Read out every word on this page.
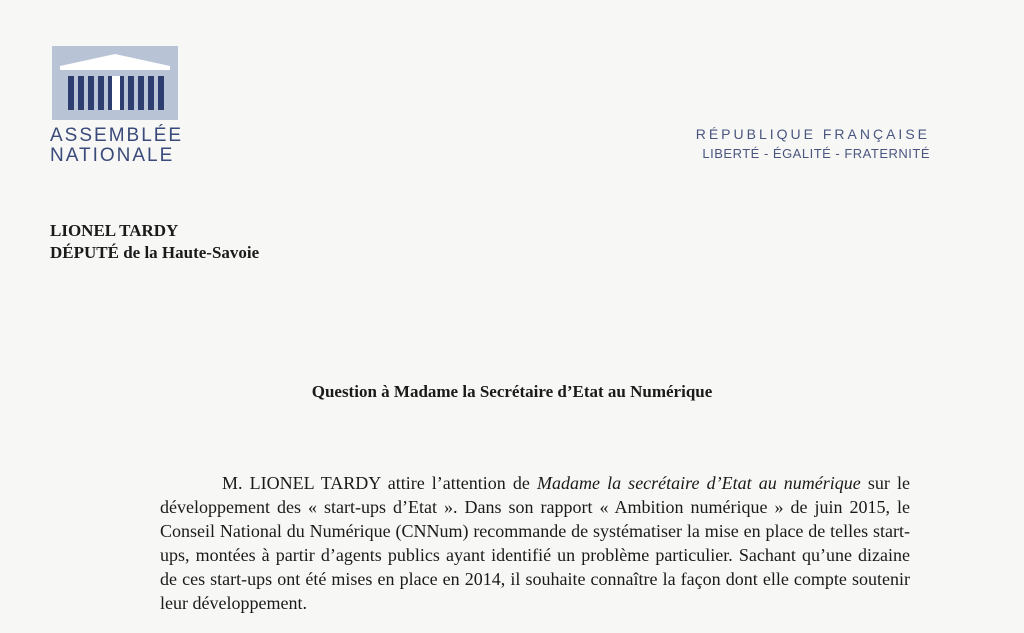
ASSEMBLÉE
NATIONALE
RÉPUBLIQUE FRANÇAISE
LIBERTÉ - ÉGALITÉ - FRATERNITÉ
LIONEL TARDY
DÉPUTÉ de la Haute-Savoie
Question à Madame la Secrétaire d’Etat au Numérique

M. LIONEL TARDY attire l’attention de Madame la secrétaire d’Etat au numérique sur le développement des « start-ups d’Etat ». Dans son rapport « Ambition numérique » de juin 2015, le Conseil National du Numérique (CNNum) recommande de systématiser la mise en place de telles start-ups, montées à partir d’agents publics ayant identifié un problème particulier. Sachant qu’une dizaine de ces start-ups ont été mises en place en 2014, il souhaite connaître la façon dont elle compte soutenir leur développement.
